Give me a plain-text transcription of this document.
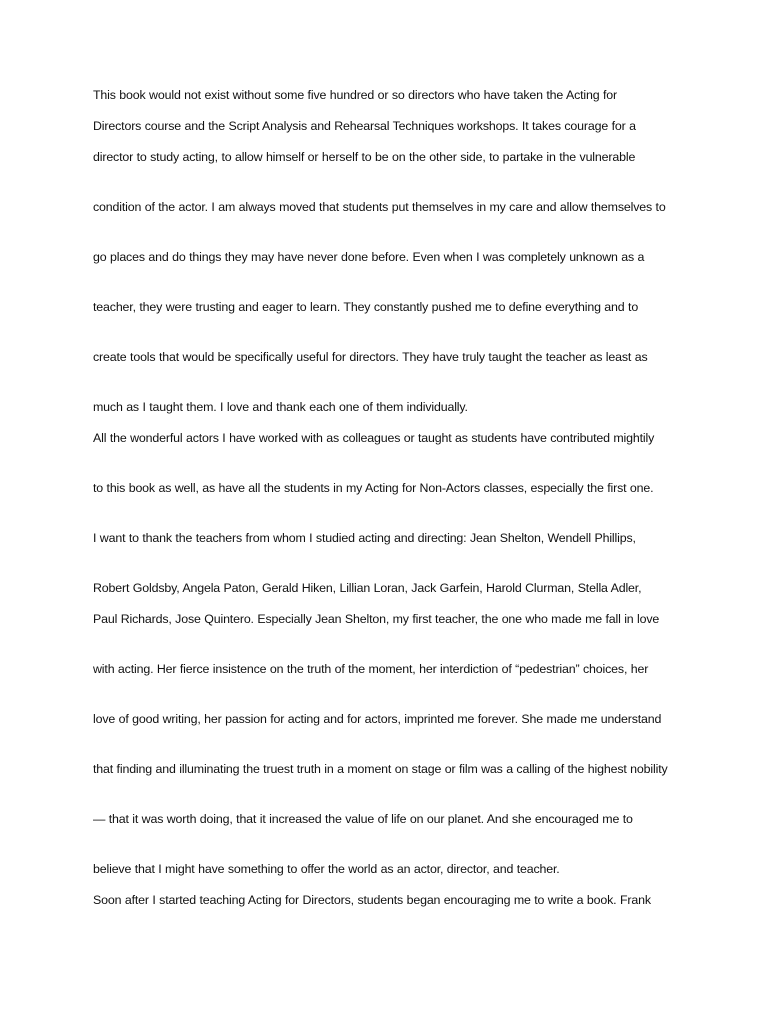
This book would not exist without some five hundred or so directors who have taken the Acting for

Directors course and the Script Analysis and Rehearsal Techniques workshops. It takes courage for a

director to study acting, to allow himself or herself to be on the other side, to partake in the vulnerable

condition of the actor. I am always moved that students put themselves in my care and allow themselves to

go places and do things they may have never done before. Even when I was completely unknown as a

teacher, they were trusting and eager to learn. They constantly pushed me to define everything and to

create tools that would be specifically useful for directors. They have truly taught the teacher as least as

much as I taught them. I love and thank each one of them individually.

All the wonderful actors I have worked with as colleagues or taught as students have contributed mightily

to this book as well, as have all the students in my Acting for Non-Actors classes, especially the first one.

I want to thank the teachers from whom I studied acting and directing: Jean Shelton, Wendell Phillips,

Robert Goldsby, Angela Paton, Gerald Hiken, Lillian Loran, Jack Garfein, Harold Clurman, Stella Adler,

Paul Richards, Jose Quintero. Especially Jean Shelton, my first teacher, the one who made me fall in love

with acting. Her fierce insistence on the truth of the moment, her interdiction of “pedestrian” choices, her

love of good writing, her passion for acting and for actors, imprinted me forever. She made me understand

that finding and illuminating the truest truth in a moment on stage or film was a calling of the highest nobility

— that it was worth doing, that it increased the value of life on our planet. And she encouraged me to

believe that I might have something to offer the world as an actor, director, and teacher.

Soon after I started teaching Acting for Directors, students began encouraging me to write a book. Frank
